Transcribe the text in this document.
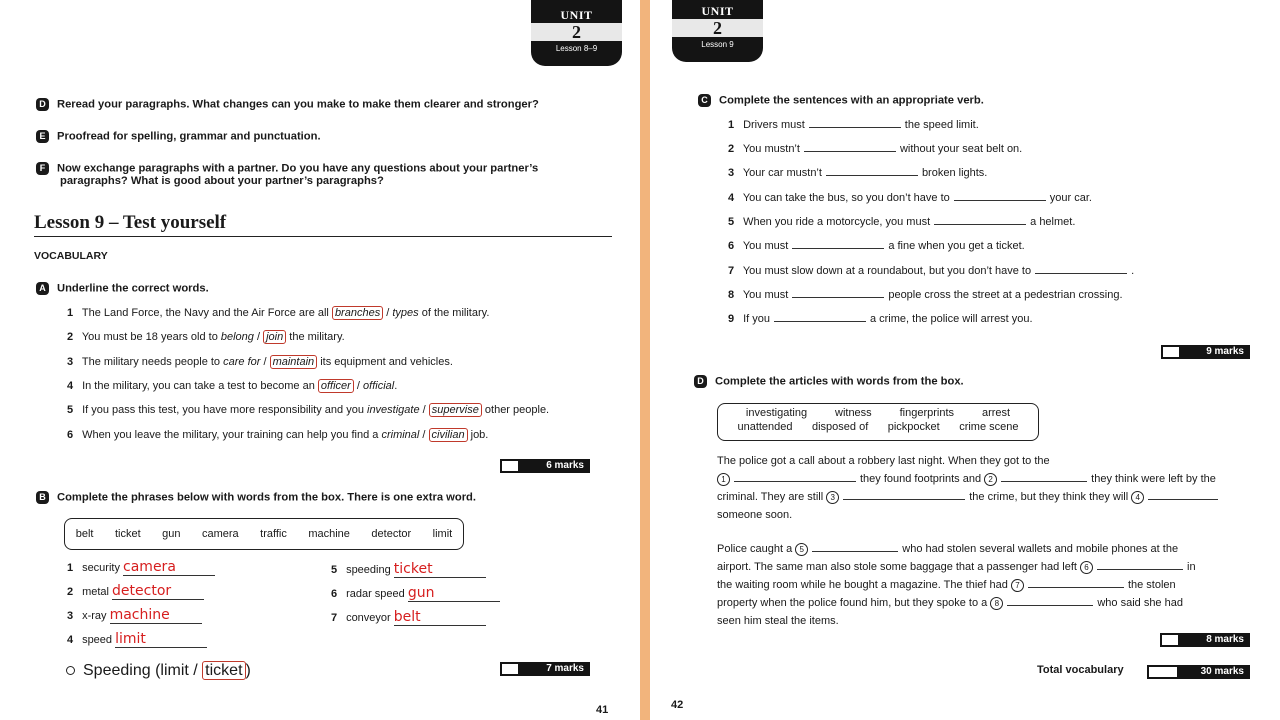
UNIT
2
Lesson 8–9
D Reread your paragraphs. What changes can you make to make them clearer and stronger?
E Proofread for spelling, grammar and punctuation.
F Now exchange paragraphs with a partner. Do you have any questions about your partner’s
paragraphs? What is good about your partner’s paragraphs?
Lesson 9 – Test yourself
VOCABULARY
A Underline the correct words.
1 The Land Force, the Navy and the Air Force are all branches / types of the military.
2 You must be 18 years old to belong / join the military.
3 The military needs people to care for / maintain its equipment and vehicles.
4 In the military, you can take a test to become an officer / official.
5 If you pass this test, you have more responsibility and you investigate / supervise other people.
6 When you leave the military, your training can help you find a criminal / civilian job.
6 marks
B Complete the phrases below with words from the box. There is one extra word.
belt ticket gun camera traffic machine detector limit
1 security camera
2 metal detector
3 x-ray machine
4 speed limit
5 speeding ticket
6 radar speed gun
7 conveyor belt
Speeding (limit / ticket )	7 marks
41
UNIT
2
Lesson 9
C Complete the sentences with an appropriate verb.
1 Drivers must	the speed limit.
2 You mustn’t	without your seat belt on.
3 Your car mustn’t	broken lights.
4 You can take the bus, so you don’t have to	your car.
5 When you ride a motorcycle, you must	a helmet.
6 You must	a fine when you get a ticket.
7 You must slow down at a roundabout, but you don’t have to	.
8 You must	people cross the street at a pedestrian crossing.
9 If you	a crime, the police will arrest you.
9 marks
D Complete the articles with words from the box.
investigating	witness	fingerprints	arrest
unattended disposed of pickpocket crime scene
The police got a call about a robbery last night. When they got to the
1	they found footprints and 2	they think were left by the
criminal. They are still 3	the crime, but they think they will 4
someone soon.
Police caught a 5	who had stolen several wallets and mobile phones at the
airport. The same man also stole some baggage that a passenger had left 6	in
the waiting room while he bought a magazine. The thief had 7	the stolen
property when the police found him, but they spoke to a 8	who said she had
seen him steal the items.
8 marks
Total vocabulary	30 marks
42
